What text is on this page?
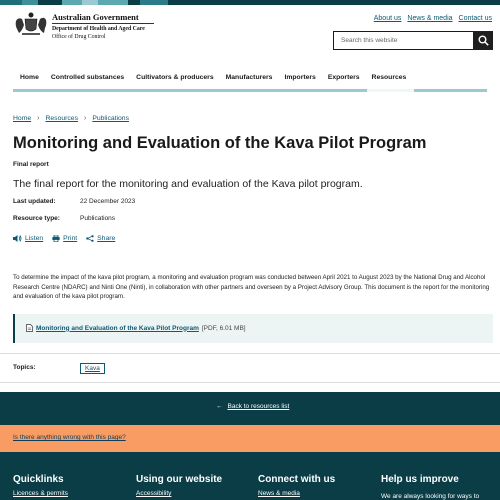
Australian Government
Department of Health and Aged Care
Office of Drug Control
About us News & media Contact us
Search this website
Home	Controlled substances	Cultivators & producers	Manufacturers	Importers	Exporters	Resources
Home › Resources › Publications
Monitoring and Evaluation of the Kava Pilot Program
Final report
The final report for the monitoring and evaluation of the Kava pilot program.
Last updated:	22 December 2023
Resource type:	Publications
Listen	Print	Share

To determine the impact of the kava pilot program, a monitoring and evaluation program was conducted between April 2021 to August 2023 by the National Drug and Alcohol Research Centre (NDARC) and Ninti One (Ninti), in collaboration with other partners and overseen by a Project Advisory Group. This document is the report for the monitoring and evaluation of the kava pilot program.

Monitoring and Evaluation of the Kava Pilot Program [PDF, 6.01 MB]
Topics:	Kava
← Back to resources list
Is there anything wrong with this page?
Quicklinks
Licences & permits
Using our website
Accessibility
Connect with us
News & media
Help us improve
We are always looking for ways to
